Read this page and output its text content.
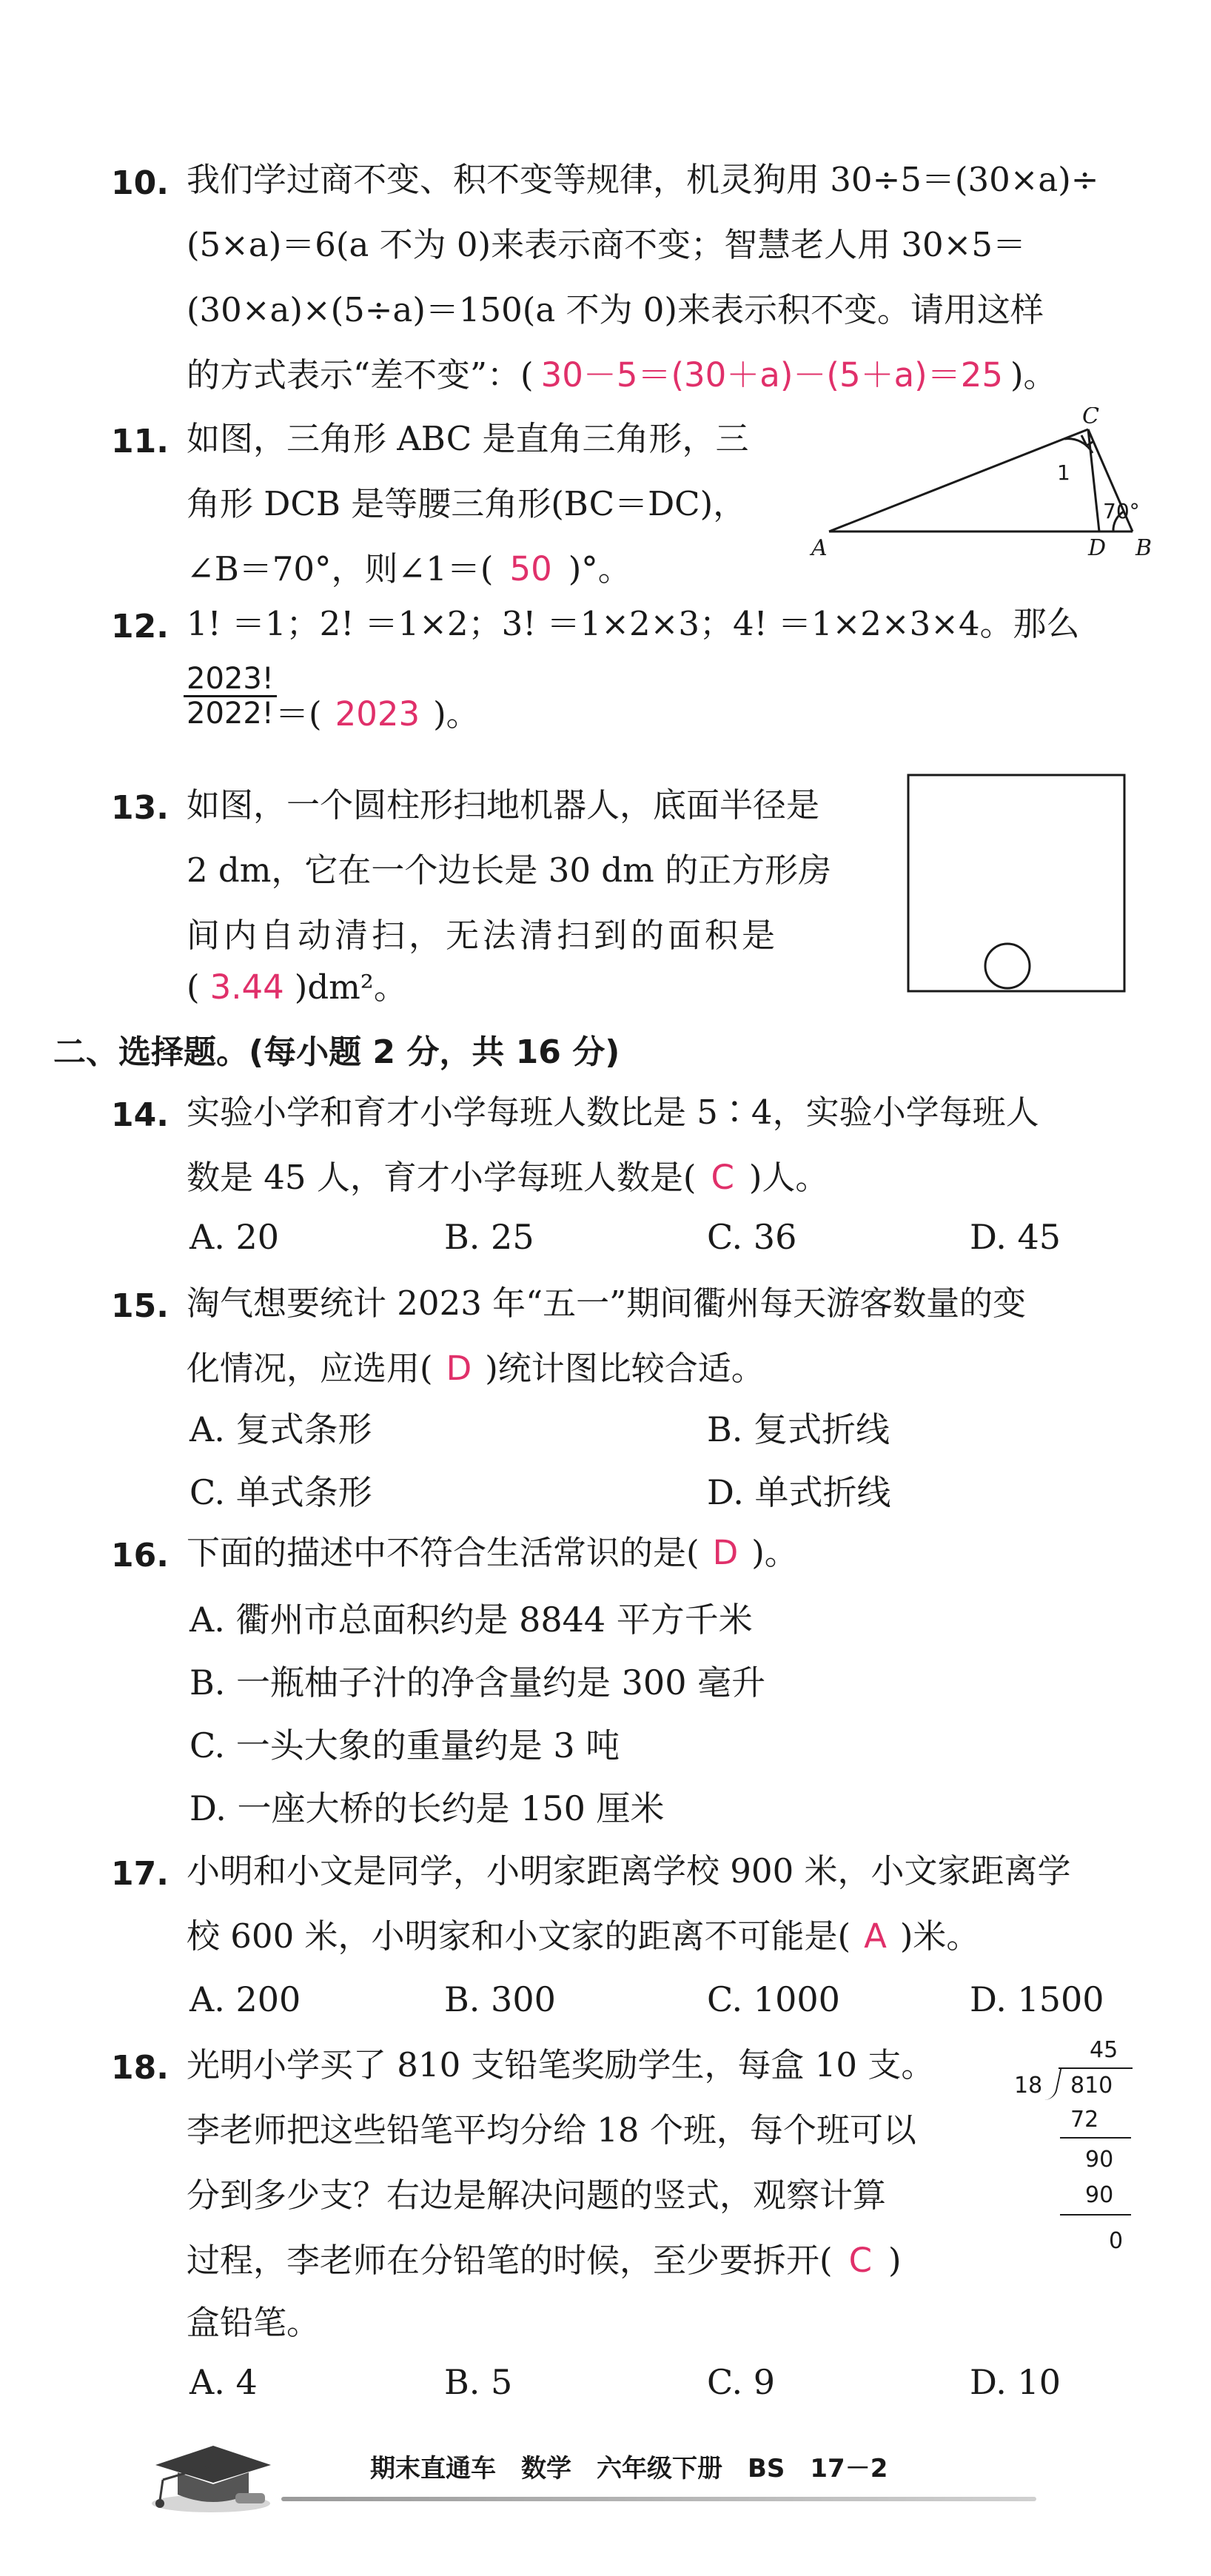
10. 我们学过商不变、积不变等规律，机灵狗用 30÷5＝(30×a)÷
(5×a)＝6(a 不为 0)来表示商不变；智慧老人用 30×5＝
(30×a)×(5÷a)＝150(a 不为 0)来表示积不变。请用这样
的方式表示“差不变”：( 30－5＝(30＋a)－(5＋a)＝25 )。
11. 如图，三角形 ABC 是直角三角形，三
角形 DCB 是等腰三角形(BC＝DC)，
∠B＝70°，则∠1＝( 50 )°。
A	B
C
D
1
70°
12. 1! ＝1；2! ＝1×2；3! ＝1×2×3；4! ＝1×2×3×4。那么
2023!
2022! ＝( 2023 )。
13. 如图，一个圆柱形扫地机器人，底面半径是
2 dm，它在一个边长是 30 dm 的正方形房
间内自动清扫，无法清扫到的面积是
( 3.44 )dm²。
二、选择题。(每小题 2 分，共 16 分)
14. 实验小学和育才小学每班人数比是 5∶4，实验小学每班人
数是 45 人，育才小学每班人数是( C )人。
A. 20	B. 25	C. 36	D. 45
15. 淘气想要统计 2023 年“五一”期间衢州每天游客数量的变
化情况，应选用( D )统计图比较合适。
A. 复式条形	B. 复式折线
C. 单式条形	D. 单式折线
16. 下面的描述中不符合生活常识的是( D )。
A. 衢州市总面积约是 8844 平方千米
B. 一瓶柚子汁的净含量约是 300 毫升
C. 一头大象的重量约是 3 吨
D. 一座大桥的长约是 150 厘米
17. 小明和小文是同学，小明家距离学校 900 米，小文家距离学
校 600 米，小明家和小文家的距离不可能是( A )米。
A. 200	B. 300	C. 1000	D. 1500
18. 光明小学买了 810 支铅笔奖励学生，每盒 10 支。
李老师把这些铅笔平均分给 18 个班，每个班可以
分到多少支？右边是解决问题的竖式，观察计算
过程，李老师在分铅笔的时候，至少要拆开( C )
盒铅笔。
A. 4	B. 5	C. 9	D. 10
45
18 810
72
90
90
0
期末直通车　数学　六年级下册　BS　17－2
